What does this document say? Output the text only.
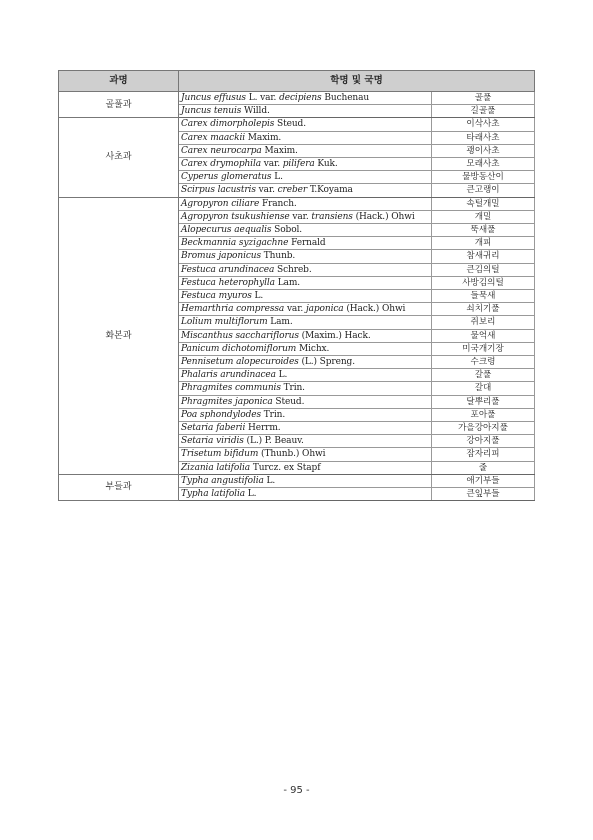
과명	학명 및 국명	
골풀과	Juncus effusus L. var. decipiens Buchenau	골풀
	Juncus tenuis Willd.	길골풀
사초과	Carex dimorpholepis Steud.	이삭사초
	Carex maackii Maxim.	타래사초
	Carex neurocarpa Maxim.	괭이사초
	Carex drymophila var. pilifera Kuk.	모래사초
	Cyperus glomeratus L.	물방동산이
	Scirpus lacustris var. creber T.Koyama	큰고랭이
화본과	Agropyron ciliare Franch.	속털개밀
	Agropyron tsukushiense var. transiens (Hack.) Ohwi	개밀
	Alopecurus aequalis Sobol.	뚝새풀
	Beckmannia syzigachne Fernald	개피
	Bromus japonicus Thunb.	참새귀리
	Festuca arundinacea Schreb.	큰김의털
	Festuca heterophylla Lam.	사방김의털
	Festuca myuros L.	들묵새
	Hemarthria compressa var. japonica (Hack.) Ohwi	쇠치기풀
	Lolium multiflorum Lam.	쥐보리
	Miscanthus sacchariflorus (Maxim.) Hack.	물억새
	Panicum dichotomiflorum Michx.	미국개기장
	Pennisetum alopecuroides (L.) Spreng.	수크령
	Phalaris arundinacea L.	갈풀
	Phragmites communis Trin.	갈대
	Phragmites japonica Steud.	달뿌리풀
	Poa sphondylodes Trin.	포아풀
	Setaria faberii Herrm.	가을강아지풀
	Setaria viridis (L.) P. Beauv.	강아지풀
	Trisetum bifidum (Thunb.) Ohwi	잠자리피
	Zizania latifolia Turcz. ex Stapf	줄
부들과	Typha angustifolia L.	애기부들
	Typha latifolia L.	큰잎부들
- 95 -
